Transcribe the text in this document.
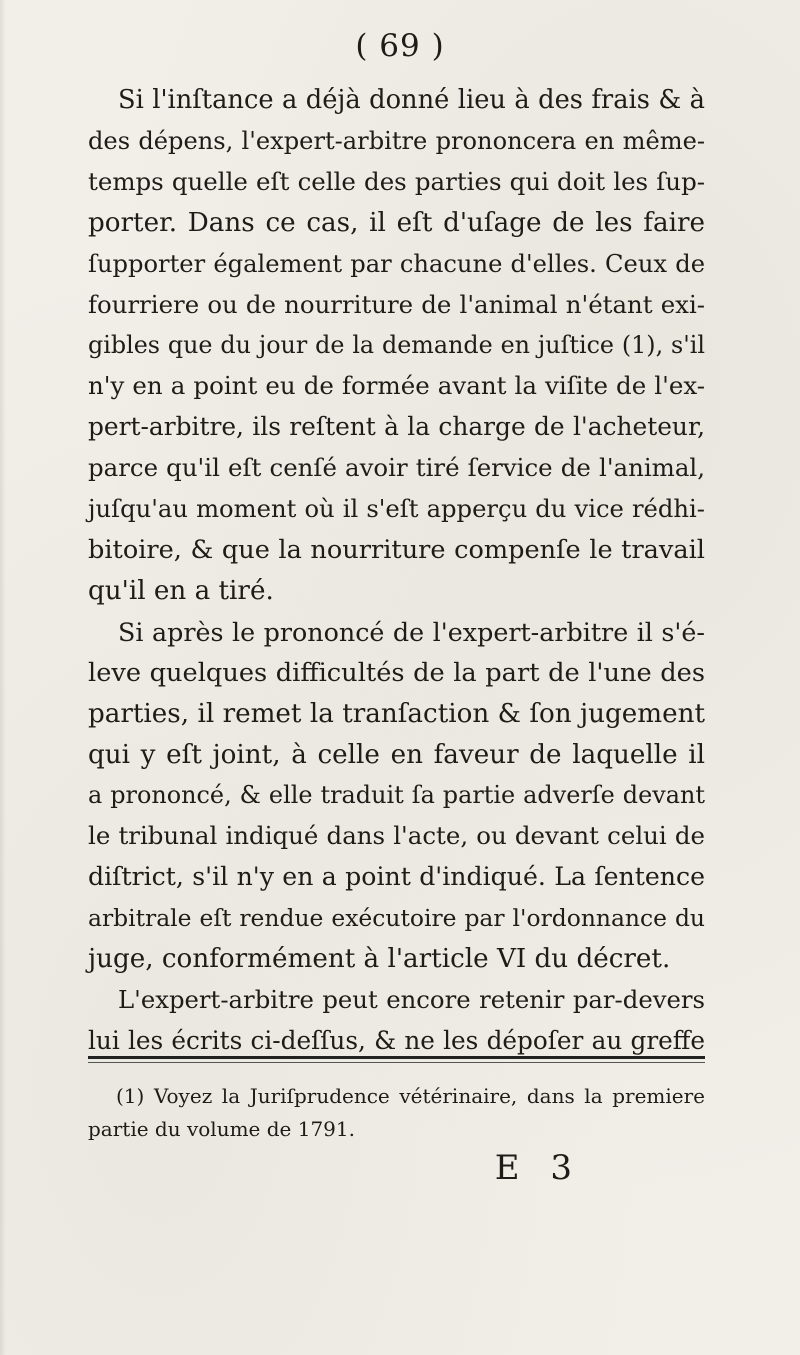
( 69 )
Si l'inſtance a déjà donné lieu à des frais & à
des dépens, l'expert-arbitre prononcera en même-
temps quelle eſt celle des parties qui doit les ſup-
porter. Dans ce cas, il eſt d'uſage de les faire
ſupporter également par chacune d'elles. Ceux de
fourriere ou de nourriture de l'animal n'étant exi-
gibles que du jour de la demande en juſtice (1), s'il
n'y en a point eu de formée avant la viſite de l'ex-
pert-arbitre, ils reſtent à la charge de l'acheteur,
parce qu'il eſt cenſé avoir tiré ſervice de l'animal,
juſqu'au moment où il s'eſt apperçu du vice rédhi-
bitoire, & que la nourriture compenſe le travail
qu'il en a tiré.
Si après le prononcé de l'expert-arbitre il s'é-
leve quelques difficultés de la part de l'une des
parties, il remet la tranſaction & ſon jugement
qui y eſt joint, à celle en faveur de laquelle il
a prononcé, & elle traduit ſa partie adverſe devant
le tribunal indiqué dans l'acte, ou devant celui de
diſtrict, s'il n'y en a point d'indiqué. La ſentence
arbitrale eſt rendue exécutoire par l'ordonnance du
juge, conformément à l'article VI du décret.
L'expert-arbitre peut encore retenir par-devers
lui les écrits ci-deſſus, & ne les dépoſer au greffe
(1) Voyez la Juriſprudence vétérinaire, dans la premiere
partie du volume de 1791.
E 3
